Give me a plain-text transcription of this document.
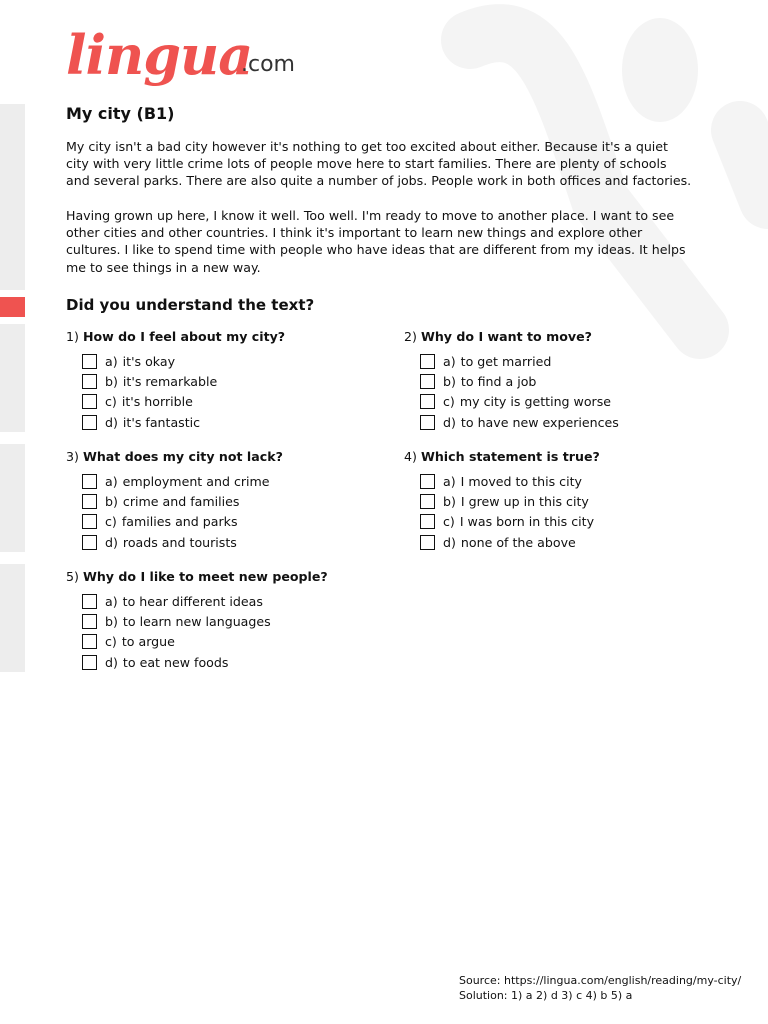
lingua
.com
My city (B1)

My city isn't a bad city however it's nothing to get too excited about either. Because it's a quiet city with very little crime lots of people move here to start families. There are plenty of schools and several parks. There are also quite a number of jobs. People work in both offices and factories.

Having grown up here, I know it well. Too well. I'm ready to move to another place. I want to see other cities and other countries. I think it's important to learn new things and explore other cultures. I like to spend time with people who have ideas that are different from my ideas. It helps me to see things in a new way.

Did you understand the text?
1) How do I feel about my city?
a) it's okay
b) it's remarkable
c) it's horrible
d) it's fantastic
2) Why do I want to move?
a) to get married
b) to find a job
c) my city is getting worse
d) to have new experiences
3) What does my city not lack?
a) employment and crime
b) crime and families
c) families and parks
d) roads and tourists
4) Which statement is true?
a) I moved to this city
b) I grew up in this city
c) I was born in this city
d) none of the above
5) Why do I like to meet new people?
a) to hear different ideas
b) to learn new languages
c) to argue
d) to eat new foods
Source: https://lingua.com/english/reading/my-city/
Solution: 1) a 2) d 3) c 4) b 5) a
